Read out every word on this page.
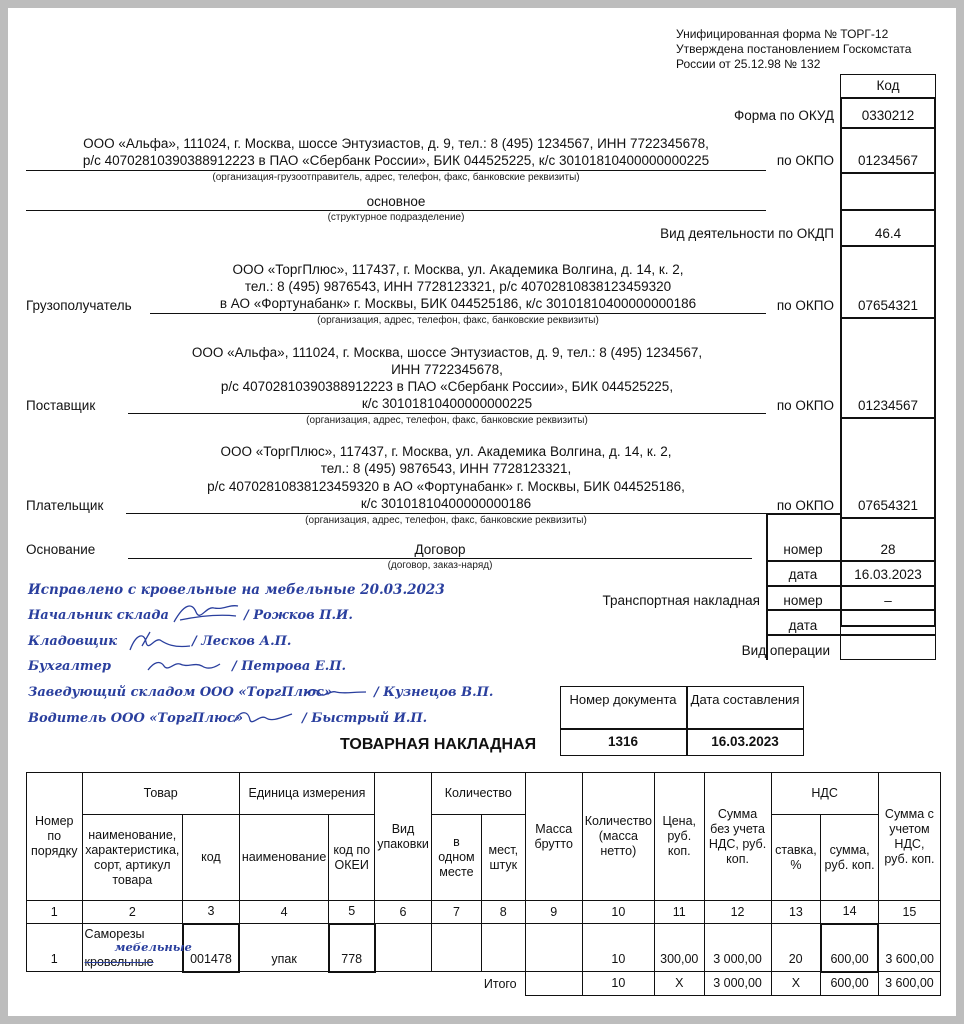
Унифицированная форма № ТОРГ-12
Утверждена постановлением Госкомстата
России от 25.12.98 № 132
Код
Форма по ОКУД	0330212
ООО «Альфа», 111024, г. Москва, шоссе Энтузиастов, д. 9, тел.: 8 (495) 1234567, ИНН 7722345678,
р/с 40702810390388912223 в ПАО «Сбербанк России», БИК 044525225, к/с 30101810400000000225
(организация-грузоотправитель, адрес, телефон, факс, банковские реквизиты)
по ОКПО	01234567
основное
(структурное подразделение)
Вид деятельности по ОКДП	46.4
Грузополучатель
ООО «ТоргПлюс», 117437, г. Москва, ул. Академика Волгина, д. 14, к. 2,
тел.: 8 (495) 9876543, ИНН 7728123321, р/с 40702810838123459320
в АО «Фортунабанк» г. Москвы, БИК 044525186, к/с 30101810400000000186
(организация, адрес, телефон, факс, банковские реквизиты)
по ОКПО	07654321
Поставщик
ООО «Альфа», 111024, г. Москва, шоссе Энтузиастов, д. 9, тел.: 8 (495) 1234567,
ИНН 7722345678,
р/с 40702810390388912223 в ПАО «Сбербанк России», БИК 044525225,
к/с 30101810400000000225
(организация, адрес, телефон, факс, банковские реквизиты)
по ОКПО	01234567
Плательщик
ООО «ТоргПлюс», 117437, г. Москва, ул. Академика Волгина, д. 14, к. 2,
тел.: 8 (495) 9876543, ИНН 7728123321,
р/с 40702810838123459320 в АО «Фортунабанк» г. Москвы, БИК 044525186,
к/с 30101810400000000186
(организация, адрес, телефон, факс, банковские реквизиты)
по ОКПО	07654321
Основание	Договор
(договор, заказ-наряд)
номер	28
дата	16.03.2023
Транспортная накладная	номер	–
дата	–
Вид операции
Исправлено с кровельные на мебельные 20.03.2023
Начальник склада	/ Рожков П.И.
Кладовщик	/ Лесков А.П.
Бухгалтер	/ Петрова Е.П.
Заведующий складом ООО «ТоргПлюс»	/ Кузнецов В.П.
Водитель ООО «ТоргПлюс»	/ Быстрый И.П.
ТОВАРНАЯ НАКЛАДНАЯ
Номер документа	Дата составления
1316	16.03.2023
Номер по порядку	Товар		Единица измерения		Вид упаковки	Количество		Масса брутто	Количество (масса нетто)	Цена, руб. коп.	Сумма без учета НДС, руб. коп.	НДС		Сумма с учетом НДС, руб. коп.
	наименование, характеристика, сорт, артикул товара	код	наименование	код по ОКЕИ		в одном месте	мест, штук					ставка, %	сумма, руб. коп.	
1	2	3	4	5	6	7	8	9	10	11	12	13	14	15
1	Саморезы
мебельные
кровельные	001478	упак	778					10	300,00	3 000,00	20	600,00	3 600,00
Итого									10	Х	3 000,00	Х	600,00	3 600,00
